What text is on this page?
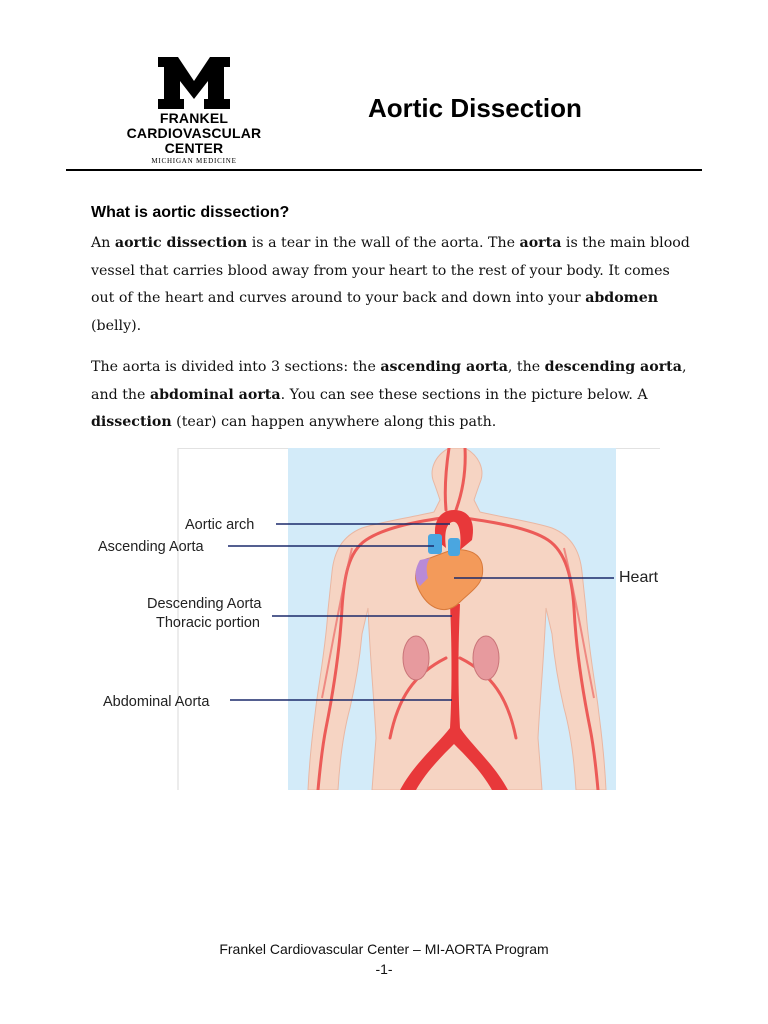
FRANKEL
CARDIOVASCULAR CENTER
MICHIGAN MEDICINE
Aortic Dissection
What is aortic dissection?

An aortic dissection is a tear in the wall of the aorta. The aorta is the main blood vessel that carries blood away from your heart to the rest of your body. It comes out of the heart and curves around to your back and down into your abdomen (belly).

The aorta is divided into 3 sections: the ascending aorta, the descending aorta, and the abdominal aorta. You can see these sections in the picture below. A dissection (tear) can happen anywhere along this path.

Aortic arch
Ascending Aorta
Descending Aorta
Thoracic portion
Abdominal Aorta
Heart
Frankel Cardiovascular Center – MI-AORTA Program
-1-
